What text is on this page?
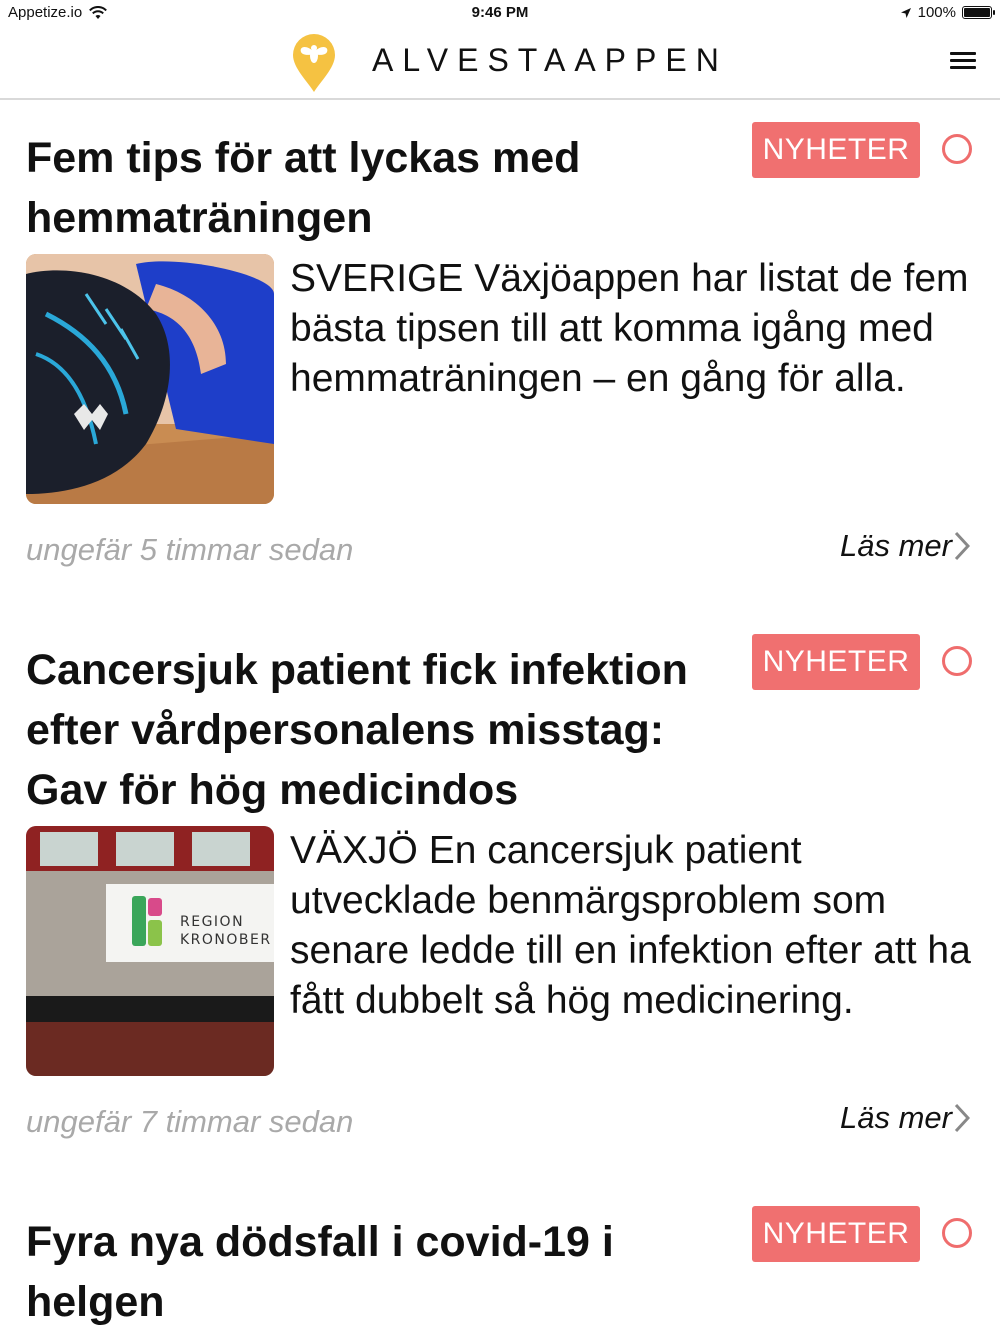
Appetize.io	9:46 PM	100%
ALVESTAAPPEN
Fem tips för att lyckas med hemmaträningen
NYHETER
SVERIGE Växjöappen har listat de fem bästa tipsen till att komma igång med hemmaträningen – en gång för alla.
ungefär 5 timmar sedan	Läs mer
Cancersjuk patient fick infektion efter vårdpersonalens misstag: Gav för hög medicindos
NYHETER
REGION
KRONOBER
VÄXJÖ En cancersjuk patient utvecklade benmärgsproblem som senare ledde till en infektion efter att ha fått dubbelt så hög medicinering.
ungefär 7 timmar sedan	Läs mer
Fyra nya dödsfall i covid-19 i helgen
NYHETER
